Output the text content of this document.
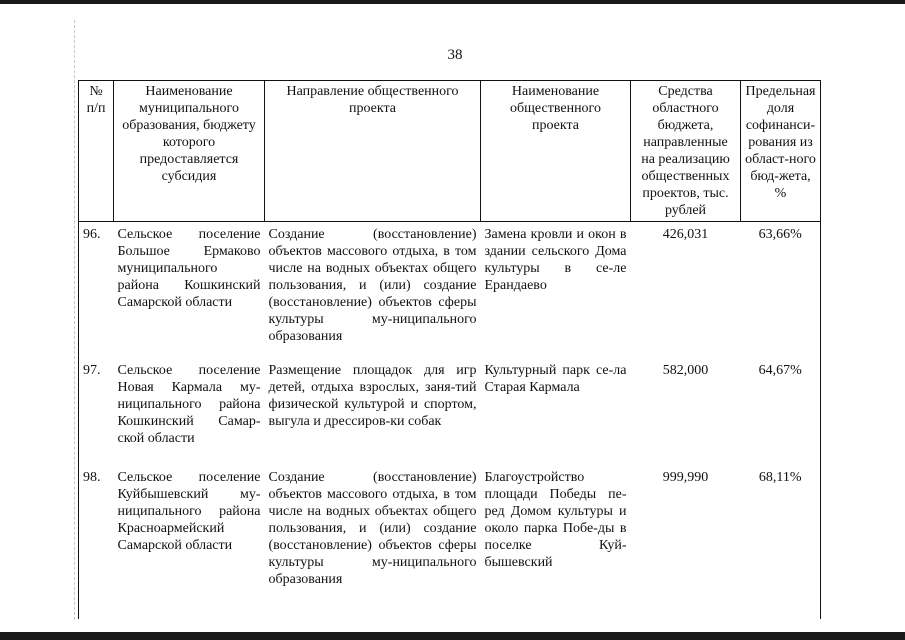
38
№ п/п	Наименование муниципального образования, бюджету которого предоставляется субсидия	Направление общественного проекта	Наименование общественного проекта	Средства областного бюджета, направленные на реализацию общественных проектов, тыс. рублей	Предельная доля софинанси-рования из област-ного бюд-жета, %
96.	Сельское поселение Большое Ермаково муниципального района Кошкинский Самарской области	Создание (восстановление) объектов массового отдыха, в том числе на водных объектах общего пользования, и (или) создание (восстановление) объектов сферы культуры му-ниципального образования	Замена кровли и окон в здании сельского Дома культуры в се-ле Ерандаево	426,031	63,66%
97.	Сельское поселение Новая Кармала му-ниципального района Кошкинский Самар-ской области	Размещение площадок для игр детей, отдыха взрослых, заня-тий физической культурой и спортом, выгула и дрессиров-ки собак	Культурный парк се-ла Старая Кармала	582,000	64,67%
98.	Сельское поселение Куйбышевский му-ниципального района Красноармейский Самарской области	Создание (восстановление) объектов массового отдыха, в том числе на водных объектах общего пользования, и (или) создание (восстановление) объектов сферы культуры му-ниципального образования	Благоустройство площади Победы пе-ред Домом культуры и около парка Побе-ды в поселке Куй-бышевский	999,990	68,11%
